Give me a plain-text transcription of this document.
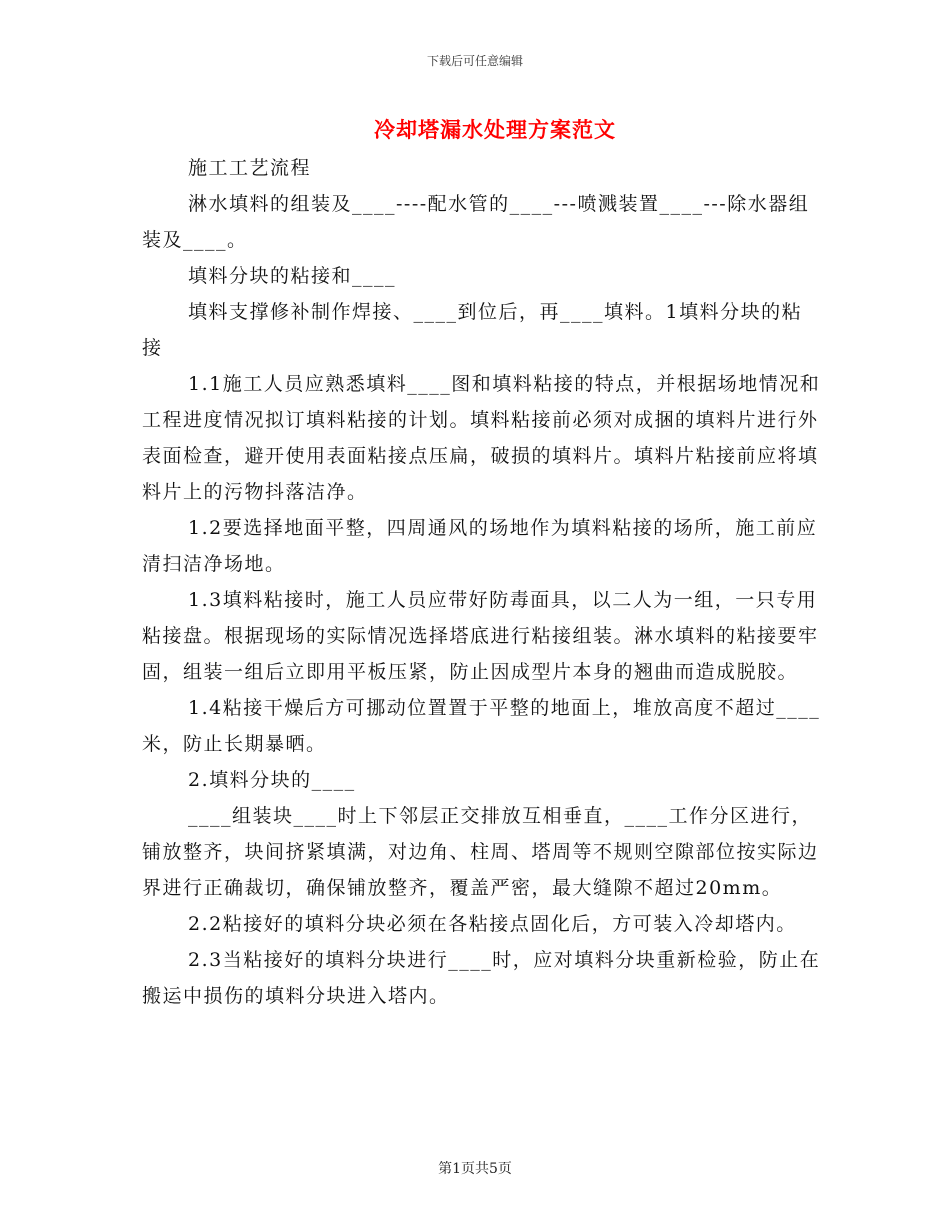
下载后可任意编辑
冷却塔漏水处理方案范文

施工工艺流程

淋水填料的组装及____----配水管的____---喷溅装置____---除水器组装及____。

填料分块的粘接和____

填料支撑修补制作焊接、____到位后，再____填料。1填料分块的粘接

1.1施工人员应熟悉填料____图和填料粘接的特点，并根据场地情况和工程进度情况拟订填料粘接的计划。填料粘接前必须对成捆的填料片进行外表面检查，避开使用表面粘接点压扁，破损的填料片。填料片粘接前应将填料片上的污物抖落洁净。

1.2要选择地面平整，四周通风的场地作为填料粘接的场所，施工前应清扫洁净场地。

1.3填料粘接时，施工人员应带好防毒面具，以二人为一组，一只专用粘接盘。根据现场的实际情况选择塔底进行粘接组装。淋水填料的粘接要牢固，组装一组后立即用平板压紧，防止因成型片本身的翘曲而造成脱胶。

1.4粘接干燥后方可挪动位置置于平整的地面上，堆放高度不超过____米，防止长期暴晒。

2.填料分块的____

____组装块____时上下邻层正交排放互相垂直，____工作分区进行，铺放整齐，块间挤紧填满，对边角、柱周、塔周等不规则空隙部位按实际边界进行正确裁切，确保铺放整齐，覆盖严密，最大缝隙不超过20mm。

2.2粘接好的填料分块必须在各粘接点固化后，方可装入冷却塔内。

2.3当粘接好的填料分块进行____时，应对填料分块重新检验，防止在搬运中损伤的填料分块进入塔内。

第1页共5页
